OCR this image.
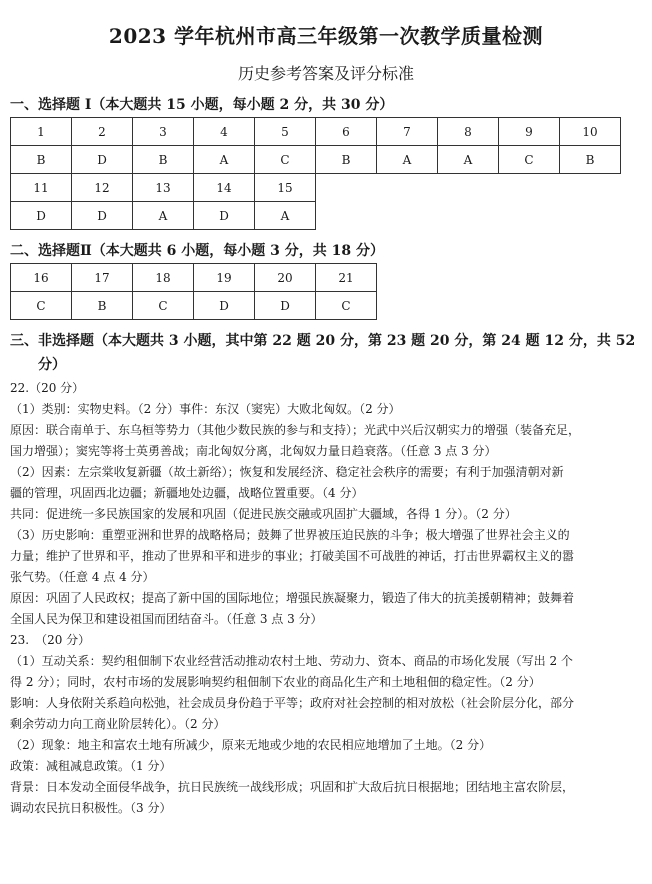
2023 学年杭州市高三年级第一次教学质量检测
历史参考答案及评分标准
一、选择题 I（本大题共 15 小题，每小题 2 分，共 30 分）
1	2	3	4	5	6	7	8	9	10
B	D	B	A	C	B	A	A	C	B
11	12	13	14	15					
D	D	A	D	A					
二、选择题Ⅱ（本大题共 6 小题，每小题 3 分，共 18 分）
16	17	18	19	20	21
C	B	C	D	D	C
三、非选择题（本大题共 3 小题，其中第 22 题 20 分，第 23 题 20 分，第 24 题 12 分，共 52
分）
22.（20 分）
（1）类别：实物史料。（2 分）事件：东汉（窦宪）大败北匈奴。（2 分）
原因：联合南单于、东乌桓等势力（其他少数民族的参与和支持）；光武中兴后汉朝实力的增强（装备充足，
国力增强）；窦宪等将士英勇善战；南北匈奴分离，北匈奴力量日趋衰落。（任意 3 点 3 分）
（2）因素：左宗棠收复新疆（故土新绤）；恢复和发展经济、稳定社会秩序的需要；有利于加强清朝对新
疆的管理，巩固西北边疆；新疆地处边疆，战略位置重要。（4 分）
共同：促进统一多民族国家的发展和巩固（促进民族交融或巩固扩大疆域，各得 1 分）。（2 分）
（3）历史影响：重塑亚洲和世界的战略格局；鼓舞了世界被压迫民族的斗争；极大增强了世界社会主义的
力量；维护了世界和平，推动了世界和平和进步的事业；打破美国不可战胜的神话，打击世界霸权主义的嚣
张气势。（任意 4 点 4 分）
原因：巩固了人民政权；提高了新中国的国际地位；增强民族凝聚力，锻造了伟大的抗美援朝精神；鼓舞着
全国人民为保卫和建设祖国而团结奋斗。（任意 3 点 3 分）
23.　（20 分）
（1）互动关系：契约租佃制下农业经营活动推动农村土地、劳动力、资本、商品的市场化发展（写出 2 个
得 2 分）；同时，农村市场的发展影响契约租佃制下农业的商品化生产和土地租佃的稳定性。（2 分）
影响：人身依附关系趋向松弛，社会成员身份趋于平等；政府对社会控制的相对放松（社会阶层分化，部分
剩余劳动力向工商业阶层转化）。（2 分）
（2）现象：地主和富农土地有所减少，原来无地或少地的农民相应地增加了土地。（2 分）
政策：减租减息政策。（1 分）
背景：日本发动全面侵华战争，抗日民族统一战线形成；巩固和扩大敌后抗日根据地；团结地主富农阶层，
调动农民抗日积极性。（3 分）
